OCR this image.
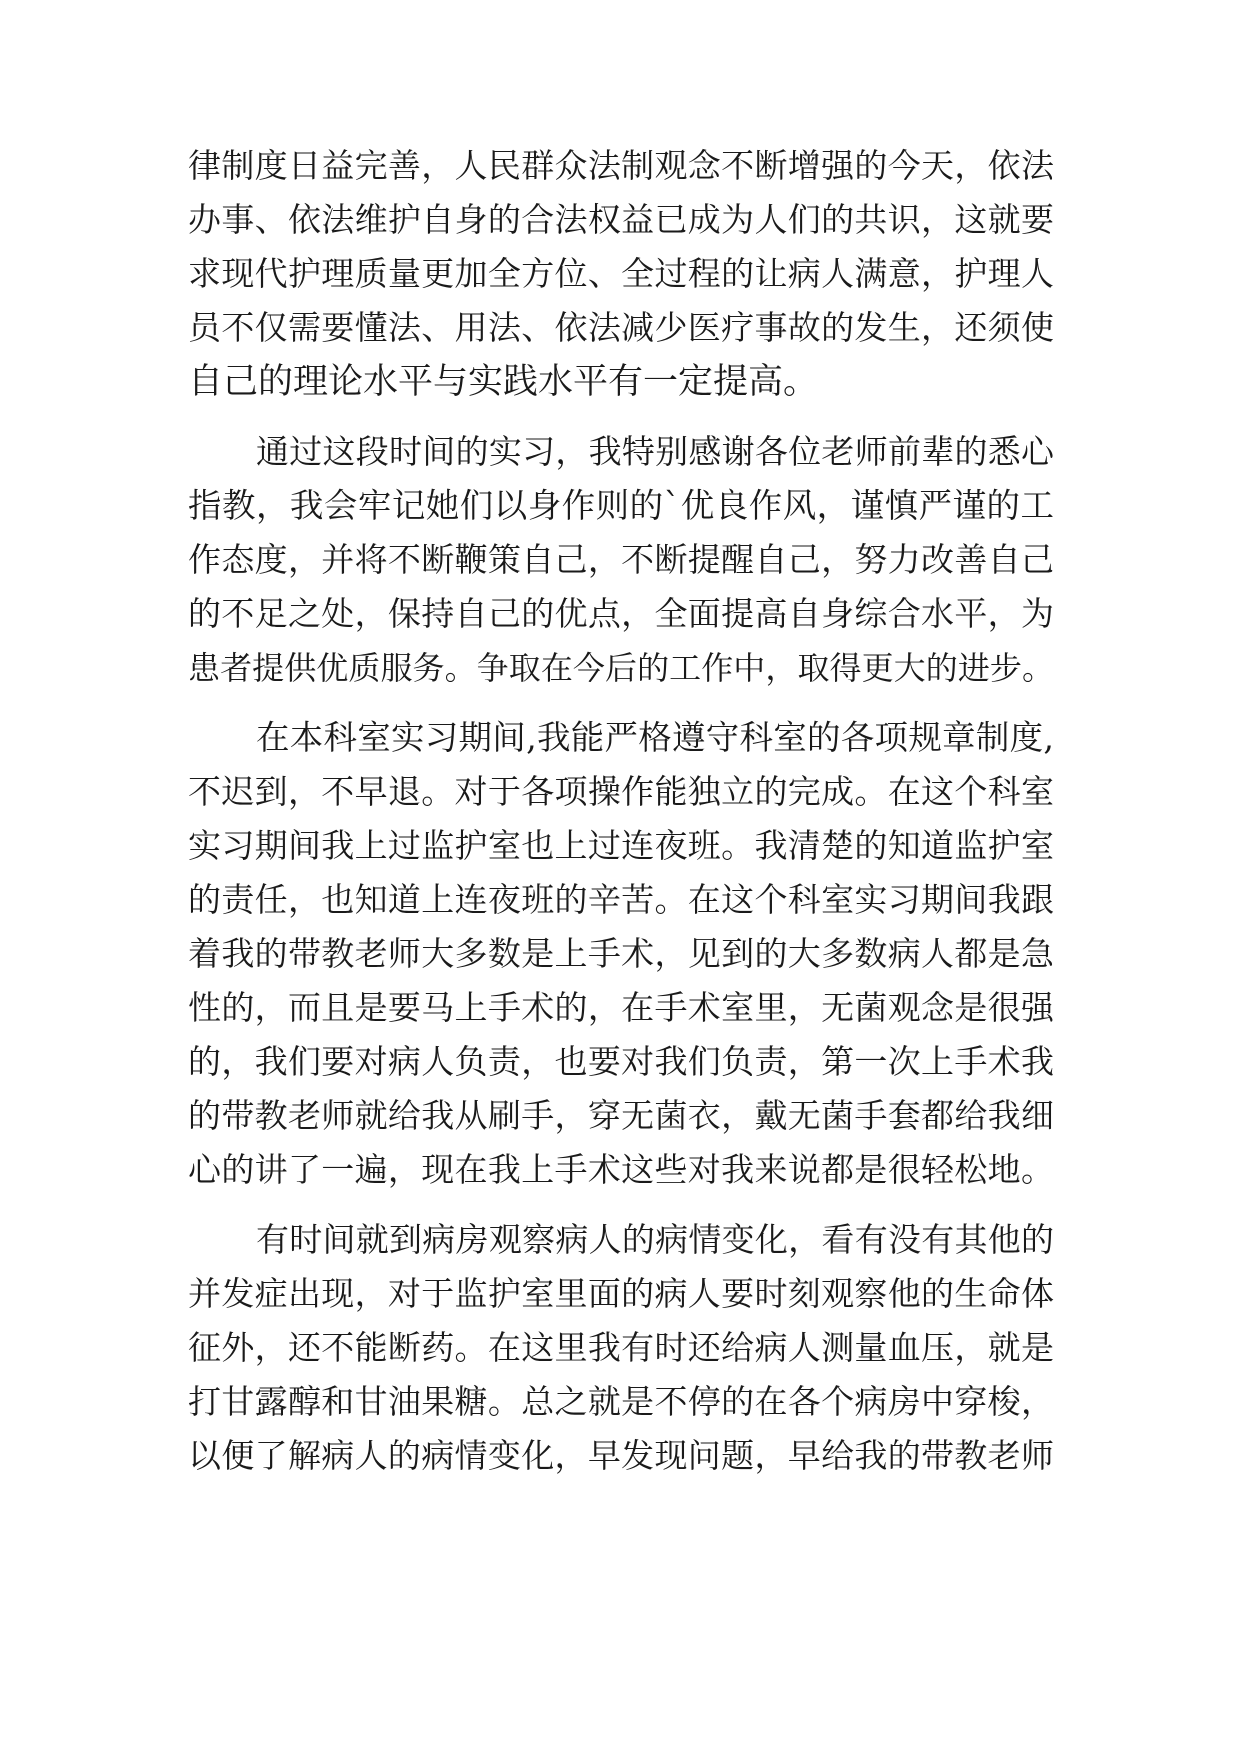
律制度日益完善，人民群众法制观念不断增强的今天，依法

办事、依法维护自身的合法权益已成为人们的共识，这就要

求现代护理质量更加全方位、全过程的让病人满意，护理人

员不仅需要懂法、用法、依法减少医疗事故的发生，还须使

自己的理论水平与实践水平有一定提高。

通过这段时间的实习，我特别感谢各位老师前辈的悉心

指教，我会牢记她们以身作则的`优良作风，谨慎严谨的工

作态度，并将不断鞭策自己，不断提醒自己，努力改善自己

的不足之处，保持自己的优点，全面提高自身综合水平，为

患者提供优质服务。争取在今后的工作中，取得更大的进步。

在本科室实习期间,我能严格遵守科室的各项规章制度,

不迟到，不早退。对于各项操作能独立的完成。在这个科室

实习期间我上过监护室也上过连夜班。我清楚的知道监护室

的责任，也知道上连夜班的辛苦。在这个科室实习期间我跟

着我的带教老师大多数是上手术，见到的大多数病人都是急

性的，而且是要马上手术的，在手术室里，无菌观念是很强

的，我们要对病人负责，也要对我们负责，第一次上手术我

的带教老师就给我从刷手，穿无菌衣，戴无菌手套都给我细

心的讲了一遍，现在我上手术这些对我来说都是很轻松地。

有时间就到病房观察病人的病情变化，看有没有其他的

并发症出现，对于监护室里面的病人要时刻观察他的生命体

征外，还不能断药。在这里我有时还给病人测量血压，就是

打甘露醇和甘油果糖。总之就是不停的在各个病房中穿梭，

以便了解病人的病情变化，早发现问题，早给我的带教老师
